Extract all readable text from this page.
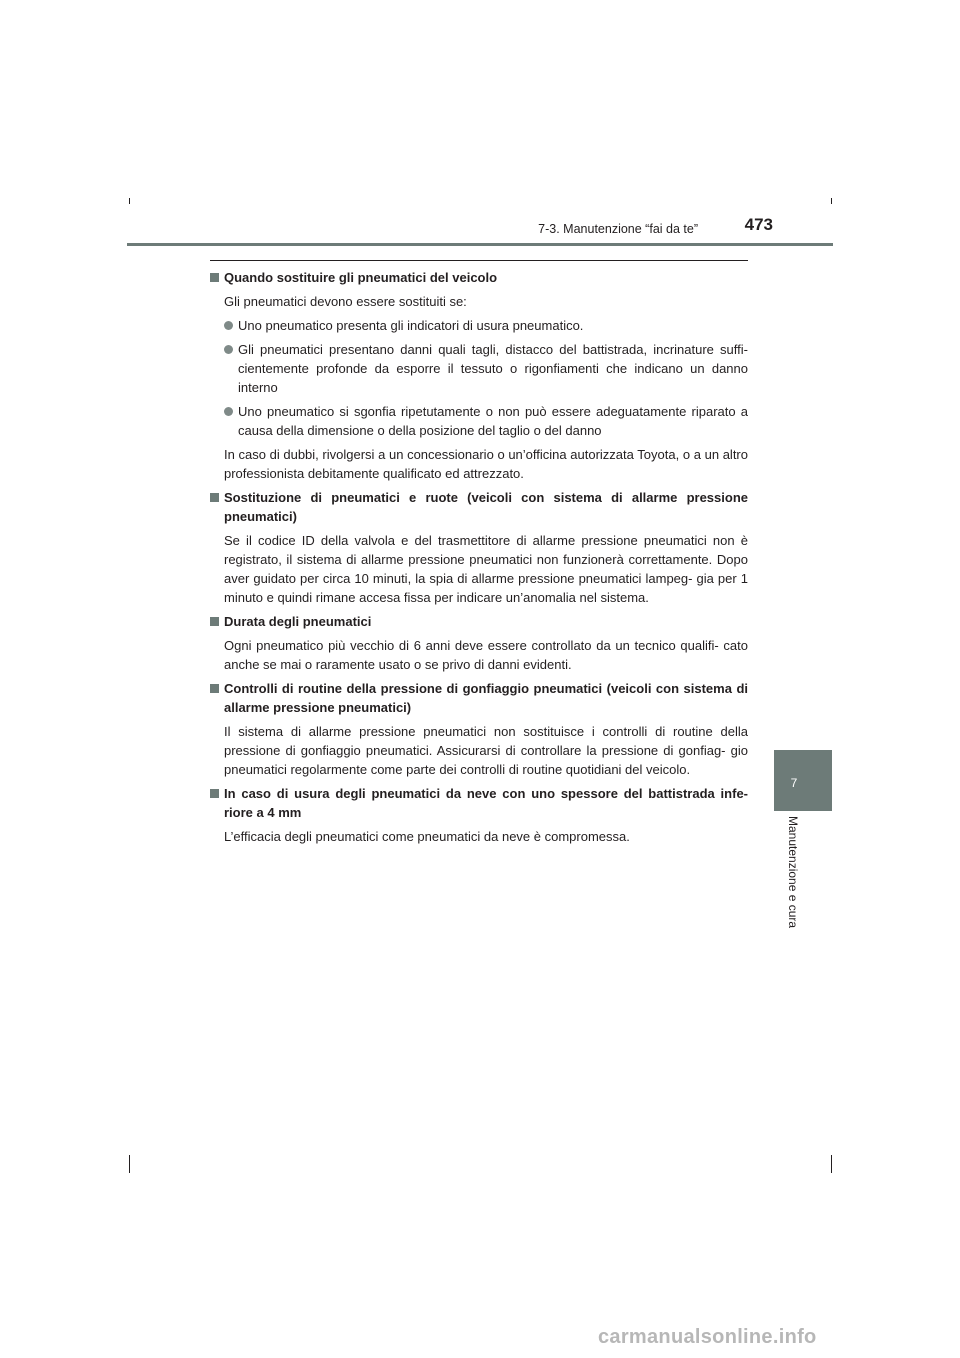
7-3. Manutenzione “fai da te”	473
7
Manutenzione e cura
Quando sostituire gli pneumatici del veicolo
Gli pneumatici devono essere sostituiti se:
Uno pneumatico presenta gli indicatori di usura pneumatico.
Gli pneumatici presentano danni quali tagli, distacco del battistrada, incrinature suffi- cientemente profonde da esporre il tessuto o rigonfiamenti che indicano un danno interno
Uno pneumatico si sgonfia ripetutamente o non può essere adeguatamente riparato a causa della dimensione o della posizione del taglio o del danno
In caso di dubbi, rivolgersi a un concessionario o un’officina autorizzata Toyota, o a un altro professionista debitamente qualificato ed attrezzato.
Sostituzione di pneumatici e ruote (veicoli con sistema di allarme pressione pneumatici)
Se il codice ID della valvola e del trasmettitore di allarme pressione pneumatici non è registrato, il sistema di allarme pressione pneumatici non funzionerà correttamente. Dopo aver guidato per circa 10 minuti, la spia di allarme pressione pneumatici lampeg- gia per 1 minuto e quindi rimane accesa fissa per indicare un’anomalia nel sistema.
Durata degli pneumatici
Ogni pneumatico più vecchio di 6 anni deve essere controllato da un tecnico qualifi- cato anche se mai o raramente usato o se privo di danni evidenti.
Controlli di routine della pressione di gonfiaggio pneumatici (veicoli con sistema di allarme pressione pneumatici)
Il sistema di allarme pressione pneumatici non sostituisce i controlli di routine della pressione di gonfiaggio pneumatici. Assicurarsi di controllare la pressione di gonfiag- gio pneumatici regolarmente come parte dei controlli di routine quotidiani del veicolo.
In caso di usura degli pneumatici da neve con uno spessore del battistrada infe- riore a 4 mm
L’efficacia degli pneumatici come pneumatici da neve è compromessa.
carmanualsonline.info
